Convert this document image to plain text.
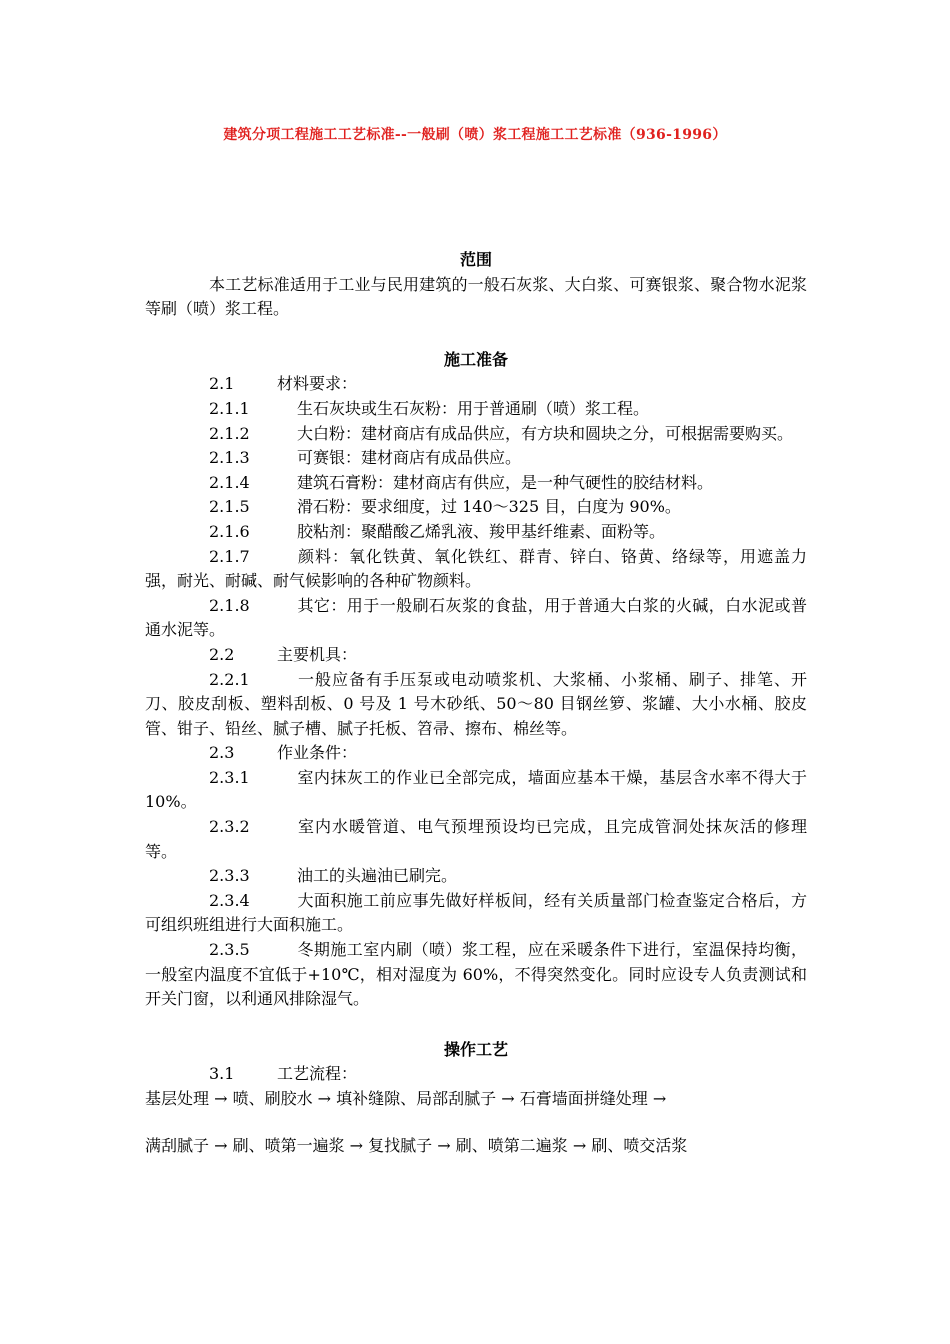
建筑分项工程施工工艺标准--一般刷（喷）浆工程施工工艺标准（936-1996）
范围
本工艺标准适用于工业与民用建筑的一般石灰浆、大白浆、可赛银浆、聚合物水泥浆等刷（喷）浆工程。
施工准备
2.1	材料要求：
2.1.1	生石灰块或生石灰粉：用于普通刷（喷）浆工程。
2.1.2	大白粉：建材商店有成品供应，有方块和圆块之分，可根据需要购买。
2.1.3	可赛银：建材商店有成品供应。
2.1.4	建筑石膏粉：建材商店有供应，是一种气硬性的胶结材料。
2.1.5	滑石粉：要求细度，过 140～325 目，白度为 90%。
2.1.6	胶粘剂：聚醋酸乙烯乳液、羧甲基纤维素、面粉等。
2.1.7	颜料：氧化铁黄、氧化铁红、群青、锌白、铬黄、络绿等，用遮盖力强，耐光、耐碱、耐气候影响的各种矿物颜料。
2.1.8	其它：用于一般刷石灰浆的食盐，用于普通大白浆的火碱，白水泥或普通水泥等。
2.2	主要机具：
2.2.1	一般应备有手压泵或电动喷浆机、大浆桶、小浆桶、刷子、排笔、开刀、胶皮刮板、塑料刮板、0 号及 1 号木砂纸、50～80 目钢丝箩、浆罐、大小水桶、胶皮管、钳子、铅丝、腻子槽、腻子托板、笤帚、擦布、棉丝等。
2.3	作业条件：
2.3.1	室内抹灰工的作业已全部完成，墙面应基本干燥，基层含水率不得大于 10%。
2.3.2	室内水暖管道、电气预埋预设均已完成，且完成管洞处抹灰活的修理等。
2.3.3	油工的头遍油已刷完。
2.3.4	大面积施工前应事先做好样板间，经有关质量部门检查鉴定合格后，方可组织班组进行大面积施工。
2.3.5	冬期施工室内刷（喷）浆工程，应在采暖条件下进行，室温保持均衡，一般室内温度不宜低于+10℃，相对湿度为 60%，不得突然变化。同时应设专人负责测试和开关门窗，以利通风排除湿气。
操作工艺
3.1	工艺流程：
基层处理 → 喷、刷胶水 → 填补缝隙、局部刮腻子 → 石膏墙面拼缝处理 →
满刮腻子 → 刷、喷第一遍浆 → 复找腻子 → 刷、喷第二遍浆 → 刷、喷交活浆
